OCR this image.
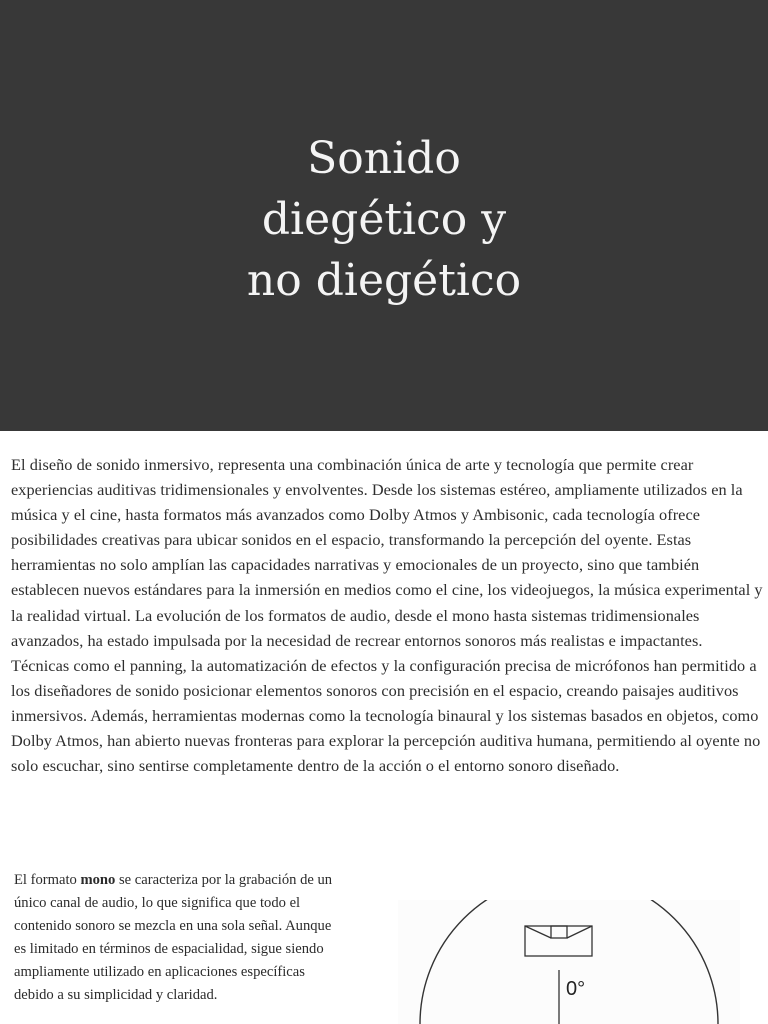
Sonido
diegético y
no diegético

El diseño de sonido inmersivo, representa una combinación única de arte y tecnología que permite crear experiencias auditivas tridimensionales y envolventes. Desde los sistemas estéreo, ampliamente utilizados en la música y el cine, hasta formatos más avanzados como Dolby Atmos y Ambisonic, cada tecnología ofrece posibilidades creativas para ubicar sonidos en el espacio, transformando la percepción del oyente. Estas herramientas no solo amplían las capacidades narrativas y emocionales de un proyecto, sino que también establecen nuevos estándares para la inmersión en medios como el cine, los videojuegos, la música experimental y la realidad virtual. La evolución de los formatos de audio, desde el mono hasta sistemas tridimensionales avanzados, ha estado impulsada por la necesidad de recrear entornos sonoros más realistas e impactantes. Técnicas como el panning, la automatización de efectos y la configuración precisa de micrófonos han permitido a los diseñadores de sonido posicionar elementos sonoros con precisión en el espacio, creando paisajes auditivos inmersivos. Además, herramientas modernas como la tecnología binaural y los sistemas basados en objetos, como Dolby Atmos, han abierto nuevas fronteras para explorar la percepción auditiva humana, permitiendo al oyente no solo escuchar, sino sentirse completamente dentro de la acción o el entorno sonoro diseñado.

El formato mono se caracteriza por la grabación de un único canal de audio, lo que significa que todo el contenido sonoro se mezcla en una sola señal. Aunque es limitado en términos de espacialidad, sigue siendo ampliamente utilizado en aplicaciones específicas debido a su simplicidad y claridad.	0°
